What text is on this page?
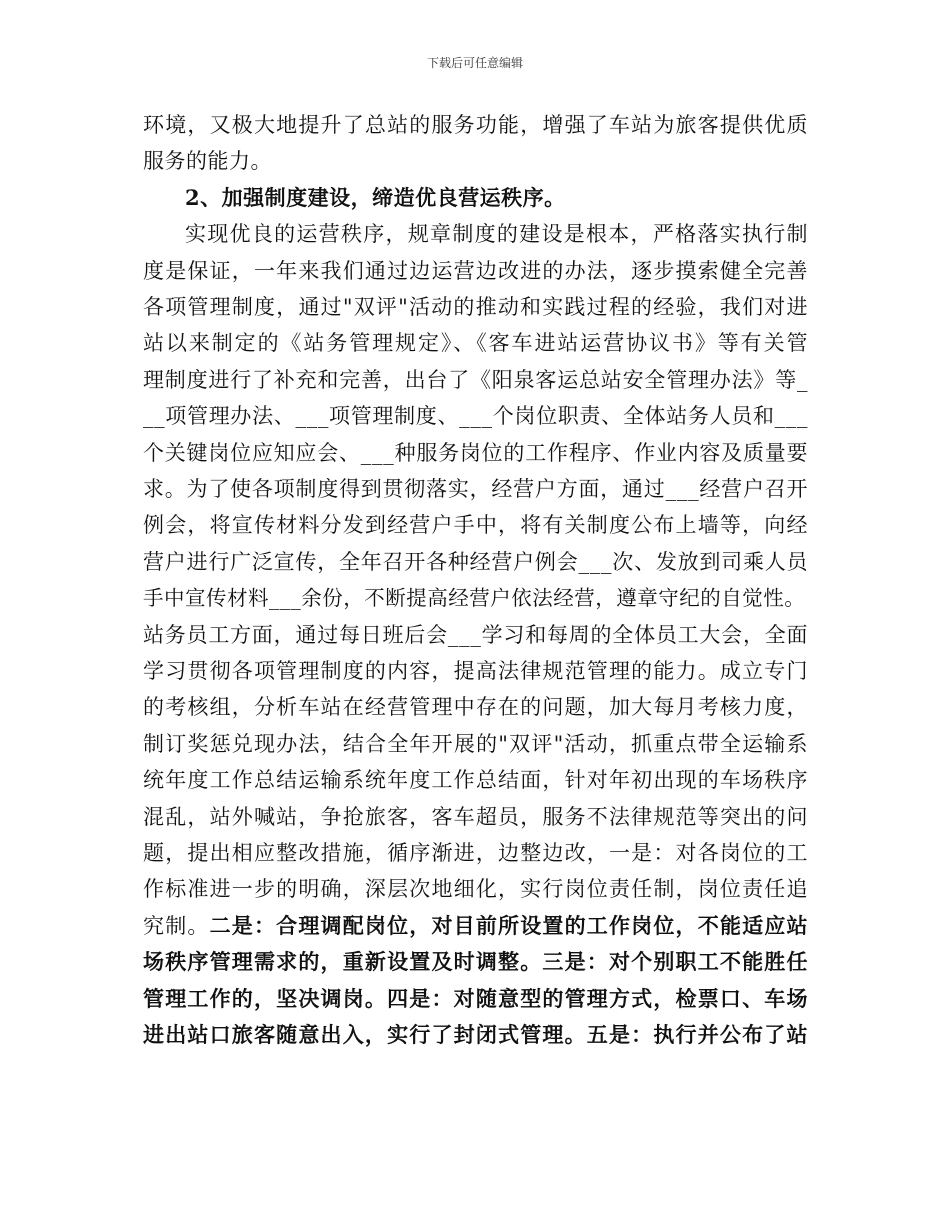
下载后可任意编辑
环境，又极大地提升了总站的服务功能，增强了车站为旅客提供优质
服务的能力。
2、加强制度建设，缔造优良营运秩序。
实现优良的运营秩序，规章制度的建设是根本，严格落实执行制
度是保证，一年来我们通过边运营边改进的办法，逐步摸索健全完善
各项管理制度，通过"双评"活动的推动和实践过程的经验，我们对进
站以来制定的《站务管理规定》、《客车进站运营协议书》等有关管
理制度进行了补充和完善，出台了《阳泉客运总站安全管理办法》等_
__项管理办法、___项管理制度、___个岗位职责、全体站务人员和___
个关键岗位应知应会、___种服务岗位的工作程序、作业内容及质量要
求。为了使各项制度得到贯彻落实，经营户方面，通过___经营户召开
例会，将宣传材料分发到经营户手中，将有关制度公布上墙等，向经
营户进行广泛宣传，全年召开各种经营户例会___次、发放到司乘人员
手中宣传材料___余份，不断提高经营户依法经营，遵章守纪的自觉性。
站务员工方面，通过每日班后会___学习和每周的全体员工大会，全面
学习贯彻各项管理制度的内容，提高法律规范管理的能力。成立专门
的考核组，分析车站在经营管理中存在的问题，加大每月考核力度，
制订奖惩兑现办法，结合全年开展的"双评"活动，抓重点带全运输系
统年度工作总结运输系统年度工作总结面，针对年初出现的车场秩序
混乱，站外喊站，争抢旅客，客车超员，服务不法律规范等突出的问
题，提出相应整改措施，循序渐进，边整边改，一是：对各岗位的工
作标准进一步的明确，深层次地细化，实行岗位责任制，岗位责任追
究制。二是：合理调配岗位，对目前所设置的工作岗位，不能适应站
场秩序管理需求的，重新设置及时调整。三是：对个别职工不能胜任
管理工作的，坚决调岗。四是：对随意型的管理方式，检票口、车场
进出站口旅客随意出入，实行了封闭式管理。五是：执行并公布了站
